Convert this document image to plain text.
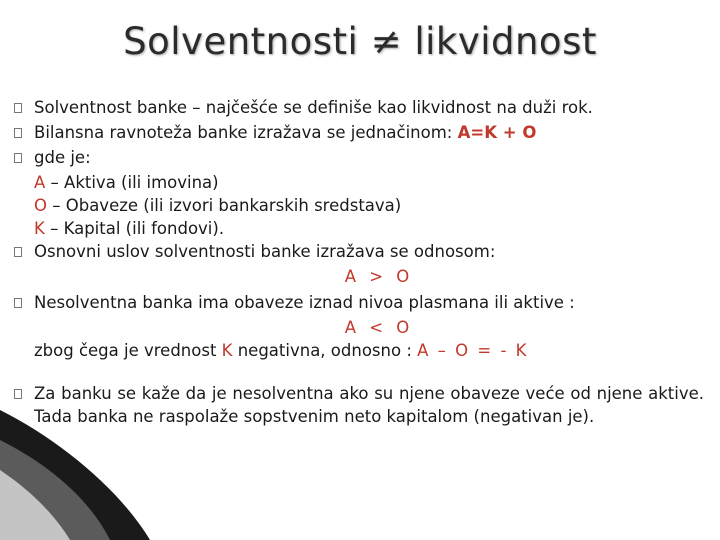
Solventnosti ≠ likvidnost
Solventnost banke – najčešće se definiše kao likvidnost na duži rok.
Bilansna ravnoteža banke izražava se jednačinom: A=K + O
gde je:
A – Aktiva (ili imovina)
O – Obaveze (ili izvori bankarskih sredstava)
K – Kapital (ili fondovi).
Osnovni uslov solventnosti banke izražava se odnosom:
A > O
Nesolventna banka ima obaveze iznad nivoa plasmana ili aktive :
A < O
zbog čega je vrednost K negativna, odnosno : A – O = - K
Za banku se kaže da je nesolventna ako su njene obaveze veće od njene aktive. Tada banka ne raspolaže sopstvenim neto kapitalom (negativan je).
